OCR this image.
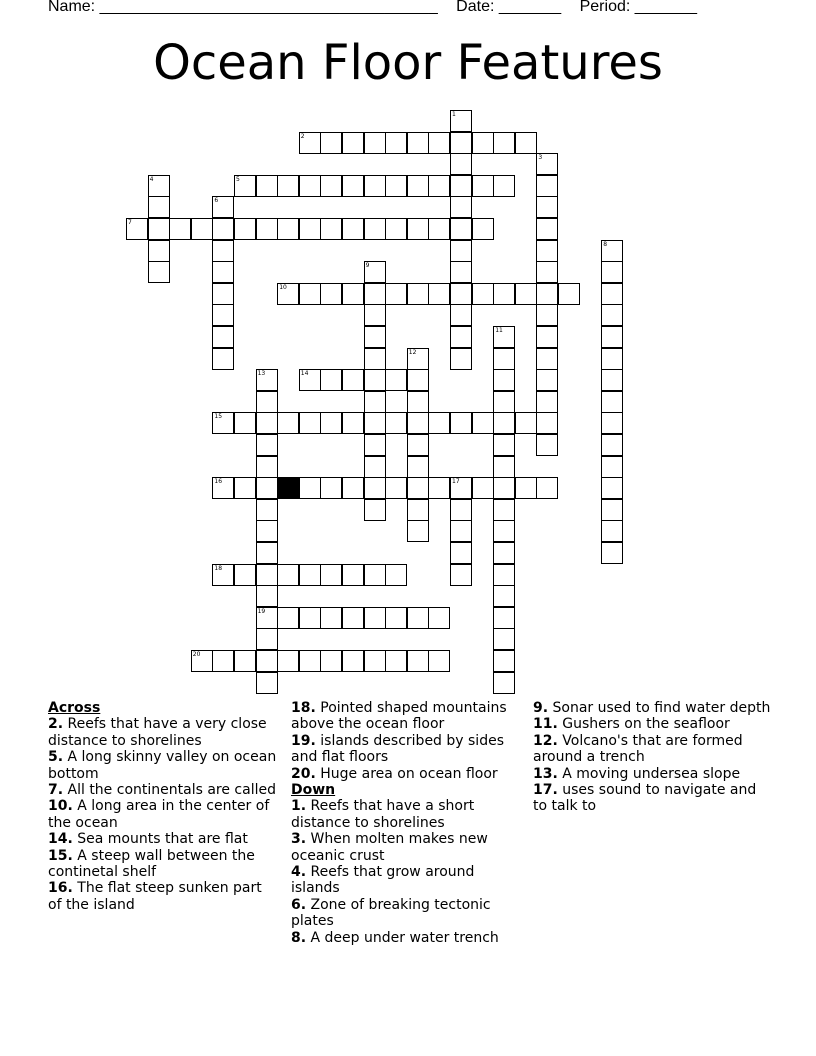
Name: ______________________________________ Date: _______ Period: _______
Ocean Floor Features
1
2
3
4	5
6
7
8
9
10
11
12
13
19
14
15
16	17
18
20
Across
2. Reefs that have a very close distance to shorelines
5. A long skinny valley on ocean bottom
7. All the continentals are called
10. A long area in the center of the ocean
14. Sea mounts that are flat
15. A steep wall between the continetal shelf
16. The flat steep sunken part of the island
18. Pointed shaped mountains above the ocean floor
19. islands described by sides and flat floors
20. Huge area on ocean floor
Down
1. Reefs that have a short distance to shorelines
3. When molten makes new oceanic crust
4. Reefs that grow around islands
6. Zone of breaking tectonic plates
8. A deep under water trench
9. Sonar used to find water depth
11. Gushers on the seafloor
12. Volcano's that are formed around a trench
13. A moving undersea slope
17. uses sound to navigate and to talk to
